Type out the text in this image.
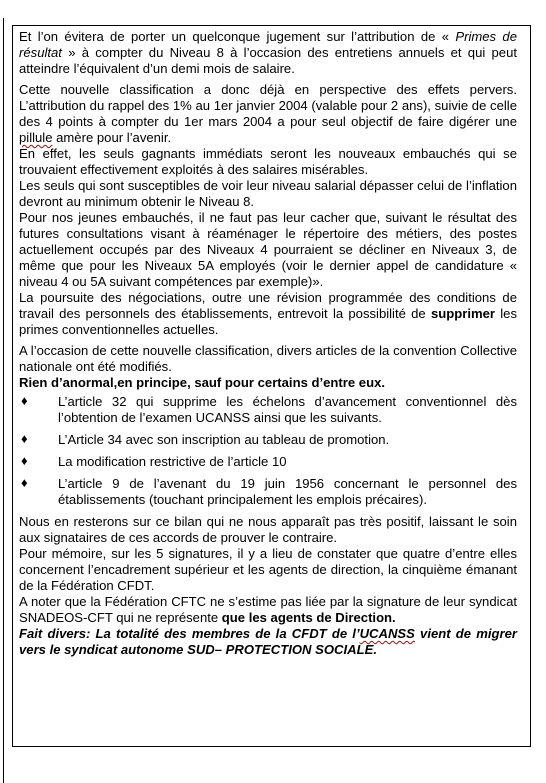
Et l’on évitera de porter un quelconque jugement sur l’attribution de « Primes de résultat » à compter du Niveau 8 à l’occasion des entretiens annuels et qui peut atteindre l’équivalent d’un demi mois de salaire.

Cette nouvelle classification a donc déjà en perspective des effets pervers. L’attribution du rappel des 1% au 1er janvier 2004 (valable pour 2 ans), suivie de celle des 4 points à compter du 1er mars 2004 a pour seul objectif de faire digérer une pillule amère pour l’avenir.

En effet, les seuls gagnants immédiats seront les nouveaux embauchés qui se trouvaient effectivement exploités à des salaires misérables.

Les seuls qui sont susceptibles de voir leur niveau salarial dépasser celui de l’inflation devront au minimum obtenir le Niveau 8.

Pour nos jeunes embauchés, il ne faut pas leur cacher que, suivant le résultat des futures consultations visant à réaménager le répertoire des métiers, des postes actuellement occupés par des Niveaux 4 pourraient se décliner en Niveaux 3, de même que pour les Niveaux 5A employés (voir le dernier appel de candidature « niveau 4 ou 5A suivant compétences par exemple)».

La poursuite des négociations, outre une révision programmée des conditions de travail des personnels des établissements, entrevoit la possibilité de supprimer les primes conventionnelles actuelles.

A l’occasion de cette nouvelle classification, divers articles de la convention Collective nationale ont été modifiés.

Rien d’anormal,en principe, sauf pour certains d’entre eux.

♦ L’article 32 qui supprime les échelons d’avancement conventionnel dès l’obtention de l’examen UCANSS ainsi que les suivants.
♦ L’Article 34 avec son inscription au tableau de promotion.
♦ La modification restrictive de l’article 10
♦ L’article 9 de l’avenant du 19 juin 1956 concernant le personnel des établissements (touchant principalement les emplois précaires).

Nous en resterons sur ce bilan qui ne nous apparaît pas très positif, laissant le soin aux signataires de ces accords de prouver le contraire.

Pour mémoire, sur les 5 signatures, il y a lieu de constater que quatre d’entre elles concernent l’encadrement supérieur et les agents de direction, la cinquième émanant de la Fédération CFDT.

A noter que la Fédération CFTC ne s’estime pas liée par la signature de leur syndicat SNADEOS-CFT qui ne représente que les agents de Direction.

Fait divers: La totalité des membres de la CFDT de l’UCANSS vient de migrer vers le syndicat autonome SUD– PROTECTION SOCIALE.
